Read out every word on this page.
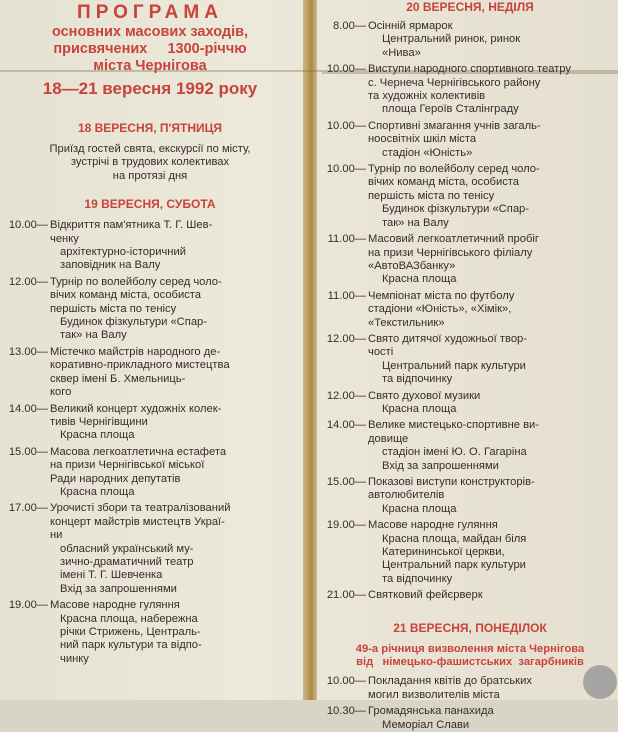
ПРОГРАМА
основних масових заходів,
присвячених     1300-річчю
міста Чернігова
18—21 вересня 1992 року
18 ВЕРЕСНЯ, П'ЯТНИЦЯ
Приїзд гостей свята, екскурсії по місту,
зустрічі в трудових колективах
на протязі дня
19 ВЕРЕСНЯ, СУБОТА
10.00— Відкриття пам'ятника Т. Г. Шев-
ченку
архітектурно-історичний
заповідник на Валу
12.00— Турнір по волейболу серед чоло-
вічих команд міста, особиста
першість міста по тенісу
Будинок фізкультури «Спар-
так» на Валу
13.00— Містечко майстрів народного де-
коративно-прикладного мистецтва
сквер імені Б. Хмельниць-
кого
14.00— Великий концерт художніх колек-
тивів Чернігівщини
Красна площа
15.00— Масова легкоатлетична естафета
на призи Чернігівської міської
Ради народних депутатів
Красна площа
17.00— Урочисті збори та театралізований
концерт майстрів мистецтв Украї-
ни
обласний український му-
зично-драматичний театр
імені Т. Г. Шевченка
Вхід за запрошеннями
19.00— Масове народне гуляння
Красна площа, набережна
річки Стрижень, Централь-
ний парк культури та відпо-
чинку
20 ВЕРЕСНЯ, НЕДІЛЯ
8.00— Осінній ярмарок
Центральний ринок, ринок
«Нива»
10.00— Виступи народного спортивного театру
с. Чернеча Чернігівського району
та художніх колективів
площа Героїв Сталінграду
10.00— Спортивні змагання учнів загаль-
ноосвітніх шкіл міста
стадіон «Юність»
10.00— Турнір по волейболу серед чоло-
вічих команд міста, особиста
першість міста по тенісу
Будинок фізкультури «Спар-
так» на Валу
11.00— Масовий легкоатлетичний пробіг
на призи Чернігівського філіалу
«АвтоВАЗбанку»
Красна площа
11.00— Чемпіонат міста по футболу
стадіони «Юність», «Хімік»,
«Текстильник»
12.00— Свято дитячої художньої твор-
чості
Центральний парк культури
та відпочинку
12.00— Свято духової музики
Красна площа
14.00— Велике мистецько-спортивне ви-
довище
стадіон імені Ю. О. Гагаріна
Вхід за запрошеннями
15.00— Показові виступи конструкторів-
автолюбителів
Красна площа
19.00— Масове народне гуляння
Красна площа, майдан біля
Катерининської церкви,
Центральний парк культури
та відпочинку
21.00— Святковий фейєрверк
21 ВЕРЕСНЯ, ПОНЕДІЛОК
49-а річниця визволення міста Чернігова
від   німецько-фашистських  загарбників
10.00— Покладання квітів до братських
могил визволителів міста
10.30— Громадянська панахида
Меморіал Слави
